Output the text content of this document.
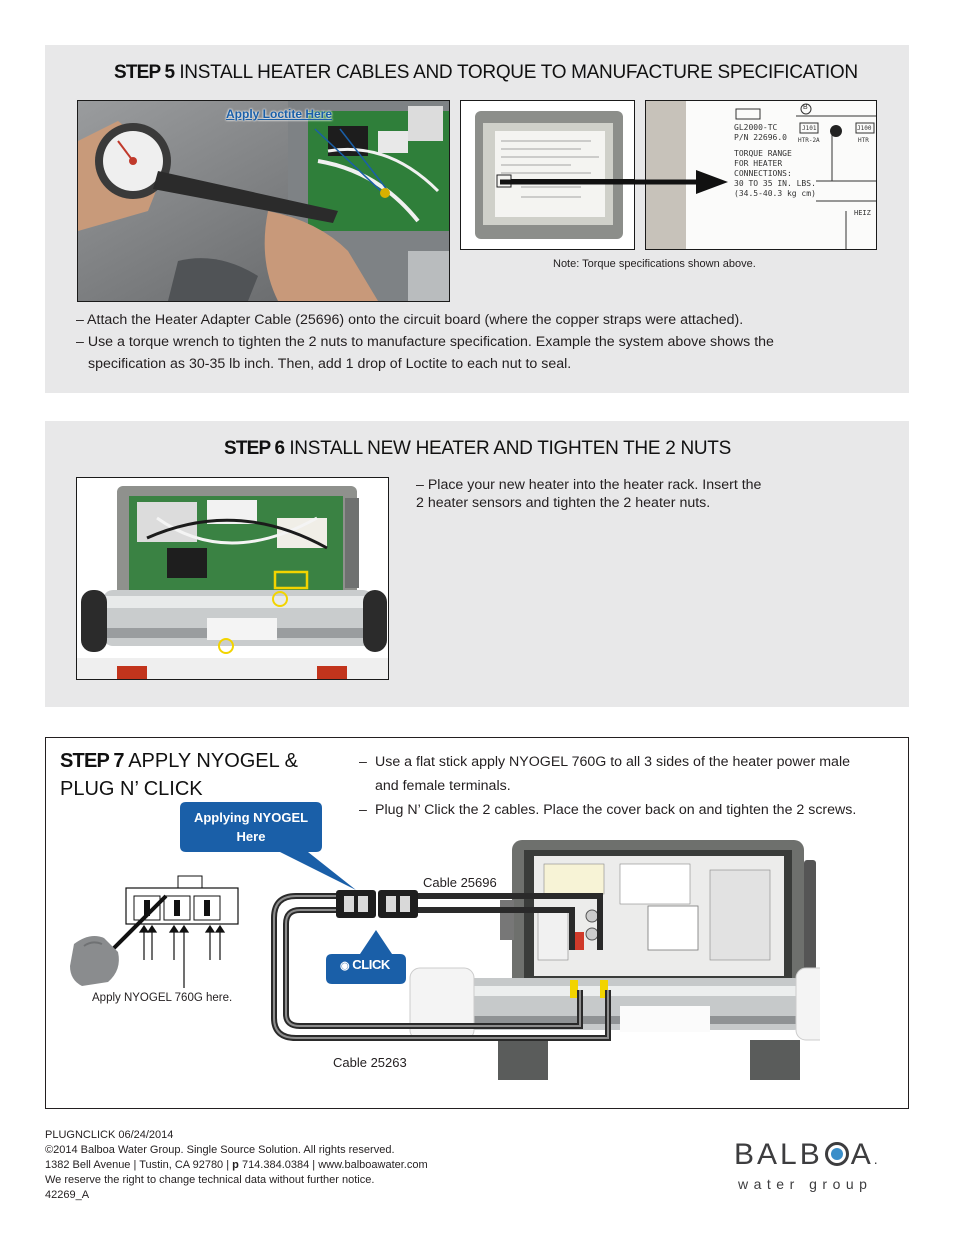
STEP 5 INSTALL HEATER CABLES AND TORQUE TO MANUFACTURE SPECIFICATION
Apply Loctite Here
GL2000-TC
P/N 22696.0
TORQUE RANGE
FOR HEATER
CONNECTIONS:
30 TO 35 IN. LBS.
(34.5-40.3 kg cm)
J101	J100
HTR-2A	HTR
HEIZ
B
Note: Torque specifications shown above.

– Attach the Heater Adapter Cable (25696) onto the circuit board (where the copper straps were attached).

– Use a torque wrench to tighten the 2 nuts to manufacture specification. Example the system above shows the

specification as 30-35 lb inch. Then, add 1 drop of Loctite to each nut to seal.

STEP 6 INSTALL NEW HEATER AND TIGHTEN THE 2 NUTS

– Place your new heater into the heater rack. Insert the

2 heater sensors and tighten the 2 heater nuts.

STEP 7 APPLY NYOGEL &
PLUG N’ CLICK
– Use a flat stick apply NYOGEL 760G to all 3 sides of the heater power male
and female terminals.
– Plug N’ Click the 2 cables. Place the cover back on and tighten the 2 screws.
Applying NYOGEL
Here
◉ CLICK
Cable 25696
Cable 25263
Apply NYOGEL 760G here.
PLUGNCLICK 06/24/2014
©2014 Balboa Water Group. Single Source Solution. All rights reserved.
1382 Bell Avenue | Tustin, CA 92780 | p 714.384.0384 | www.balboawater.com
We reserve the right to change technical data without further notice.
42269_A
BALB A.
water group
